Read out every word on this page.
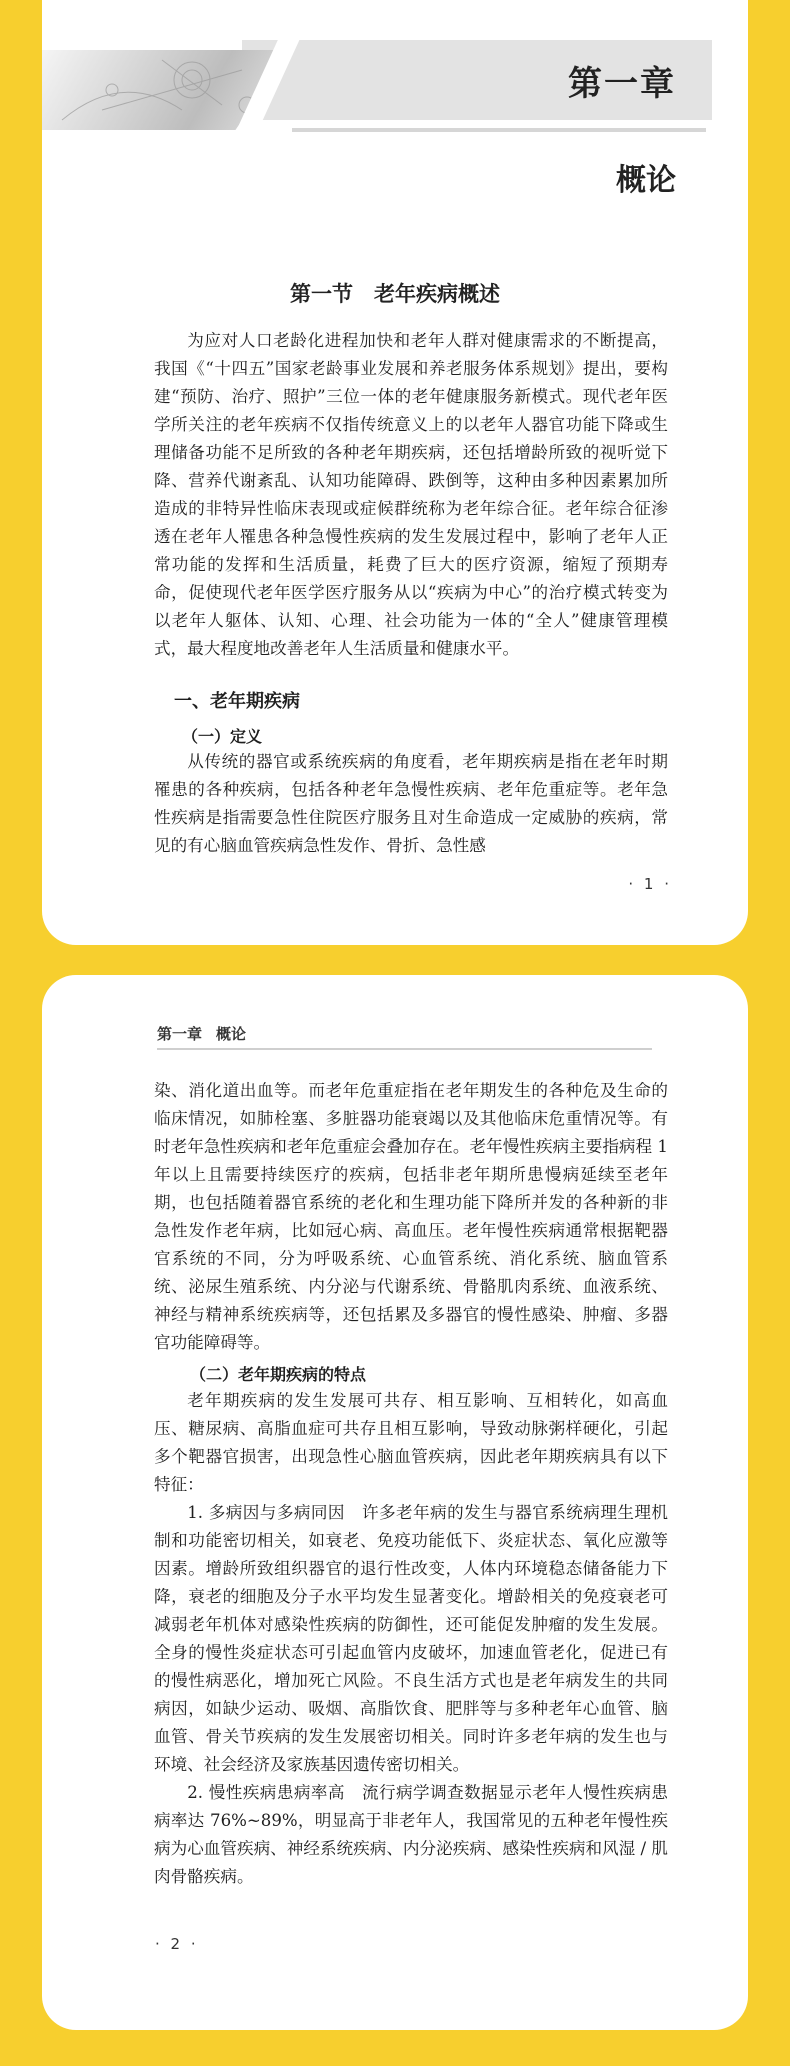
第一章
概论
第一节　老年疾病概述

为应对人口老龄化进程加快和老年人群对健康需求的不断提高，我国《“十四五”国家老龄事业发展和养老服务体系规划》提出，要构建“预防、治疗、照护”三位一体的老年健康服务新模式。现代老年医学所关注的老年疾病不仅指传统意义上的以老年人器官功能下降或生理储备功能不足所致的各种老年期疾病，还包括增龄所致的视听觉下降、营养代谢紊乱、认知功能障碍、跌倒等，这种由多种因素累加所造成的非特异性临床表现或症候群统称为老年综合征。老年综合征渗透在老年人罹患各种急慢性疾病的发生发展过程中，影响了老年人正常功能的发挥和生活质量，耗费了巨大的医疗资源，缩短了预期寿命，促使现代老年医学医疗服务从以“疾病为中心”的治疗模式转变为以老年人躯体、认知、心理、社会功能为一体的“全人”健康管理模式，最大程度地改善老年人生活质量和健康水平。

一、老年期疾病
（一）定义

从传统的器官或系统疾病的角度看，老年期疾病是指在老年时期罹患的各种疾病，包括各种老年急慢性疾病、老年危重症等。老年急性疾病是指需要急性住院医疗服务且对生命造成一定威胁的疾病，常见的有心脑血管疾病急性发作、骨折、急性感

· 1 ·
第一章 概论

染、消化道出血等。而老年危重症指在老年期发生的各种危及生命的临床情况，如肺栓塞、多脏器功能衰竭以及其他临床危重情况等。有时老年急性疾病和老年危重症会叠加存在。老年慢性疾病主要指病程 1 年以上且需要持续医疗的疾病，包括非老年期所患慢病延续至老年期，也包括随着器官系统的老化和生理功能下降所并发的各种新的非急性发作老年病，比如冠心病、高血压。老年慢性疾病通常根据靶器官系统的不同，分为呼吸系统、心血管系统、消化系统、脑血管系统、泌尿生殖系统、内分泌与代谢系统、骨骼肌肉系统、血液系统、神经与精神系统疾病等，还包括累及多器官的慢性感染、肿瘤、多器官功能障碍等。

（二）老年期疾病的特点

老年期疾病的发生发展可共存、相互影响、互相转化，如高血压、糖尿病、高脂血症可共存且相互影响，导致动脉粥样硬化，引起多个靶器官损害，出现急性心脑血管疾病，因此老年期疾病具有以下特征：

1. 多病因与多病同因　许多老年病的发生与器官系统病理生理机制和功能密切相关，如衰老、免疫功能低下、炎症状态、氧化应激等因素。增龄所致组织器官的退行性改变，人体内环境稳态储备能力下降，衰老的细胞及分子水平均发生显著变化。增龄相关的免疫衰老可减弱老年机体对感染性疾病的防御性，还可能促发肿瘤的发生发展。全身的慢性炎症状态可引起血管内皮破坏，加速血管老化，促进已有的慢性病恶化，增加死亡风险。不良生活方式也是老年病发生的共同病因，如缺少运动、吸烟、高脂饮食、肥胖等与多种老年心血管、脑血管、骨关节疾病的发生发展密切相关。同时许多老年病的发生也与环境、社会经济及家族基因遗传密切相关。

2. 慢性疾病患病率高　流行病学调查数据显示老年人慢性疾病患病率达 76%~89%，明显高于非老年人，我国常见的五种老年慢性疾病为心血管疾病、神经系统疾病、内分泌疾病、感染性疾病和风湿 / 肌肉骨骼疾病。

· 2 ·
